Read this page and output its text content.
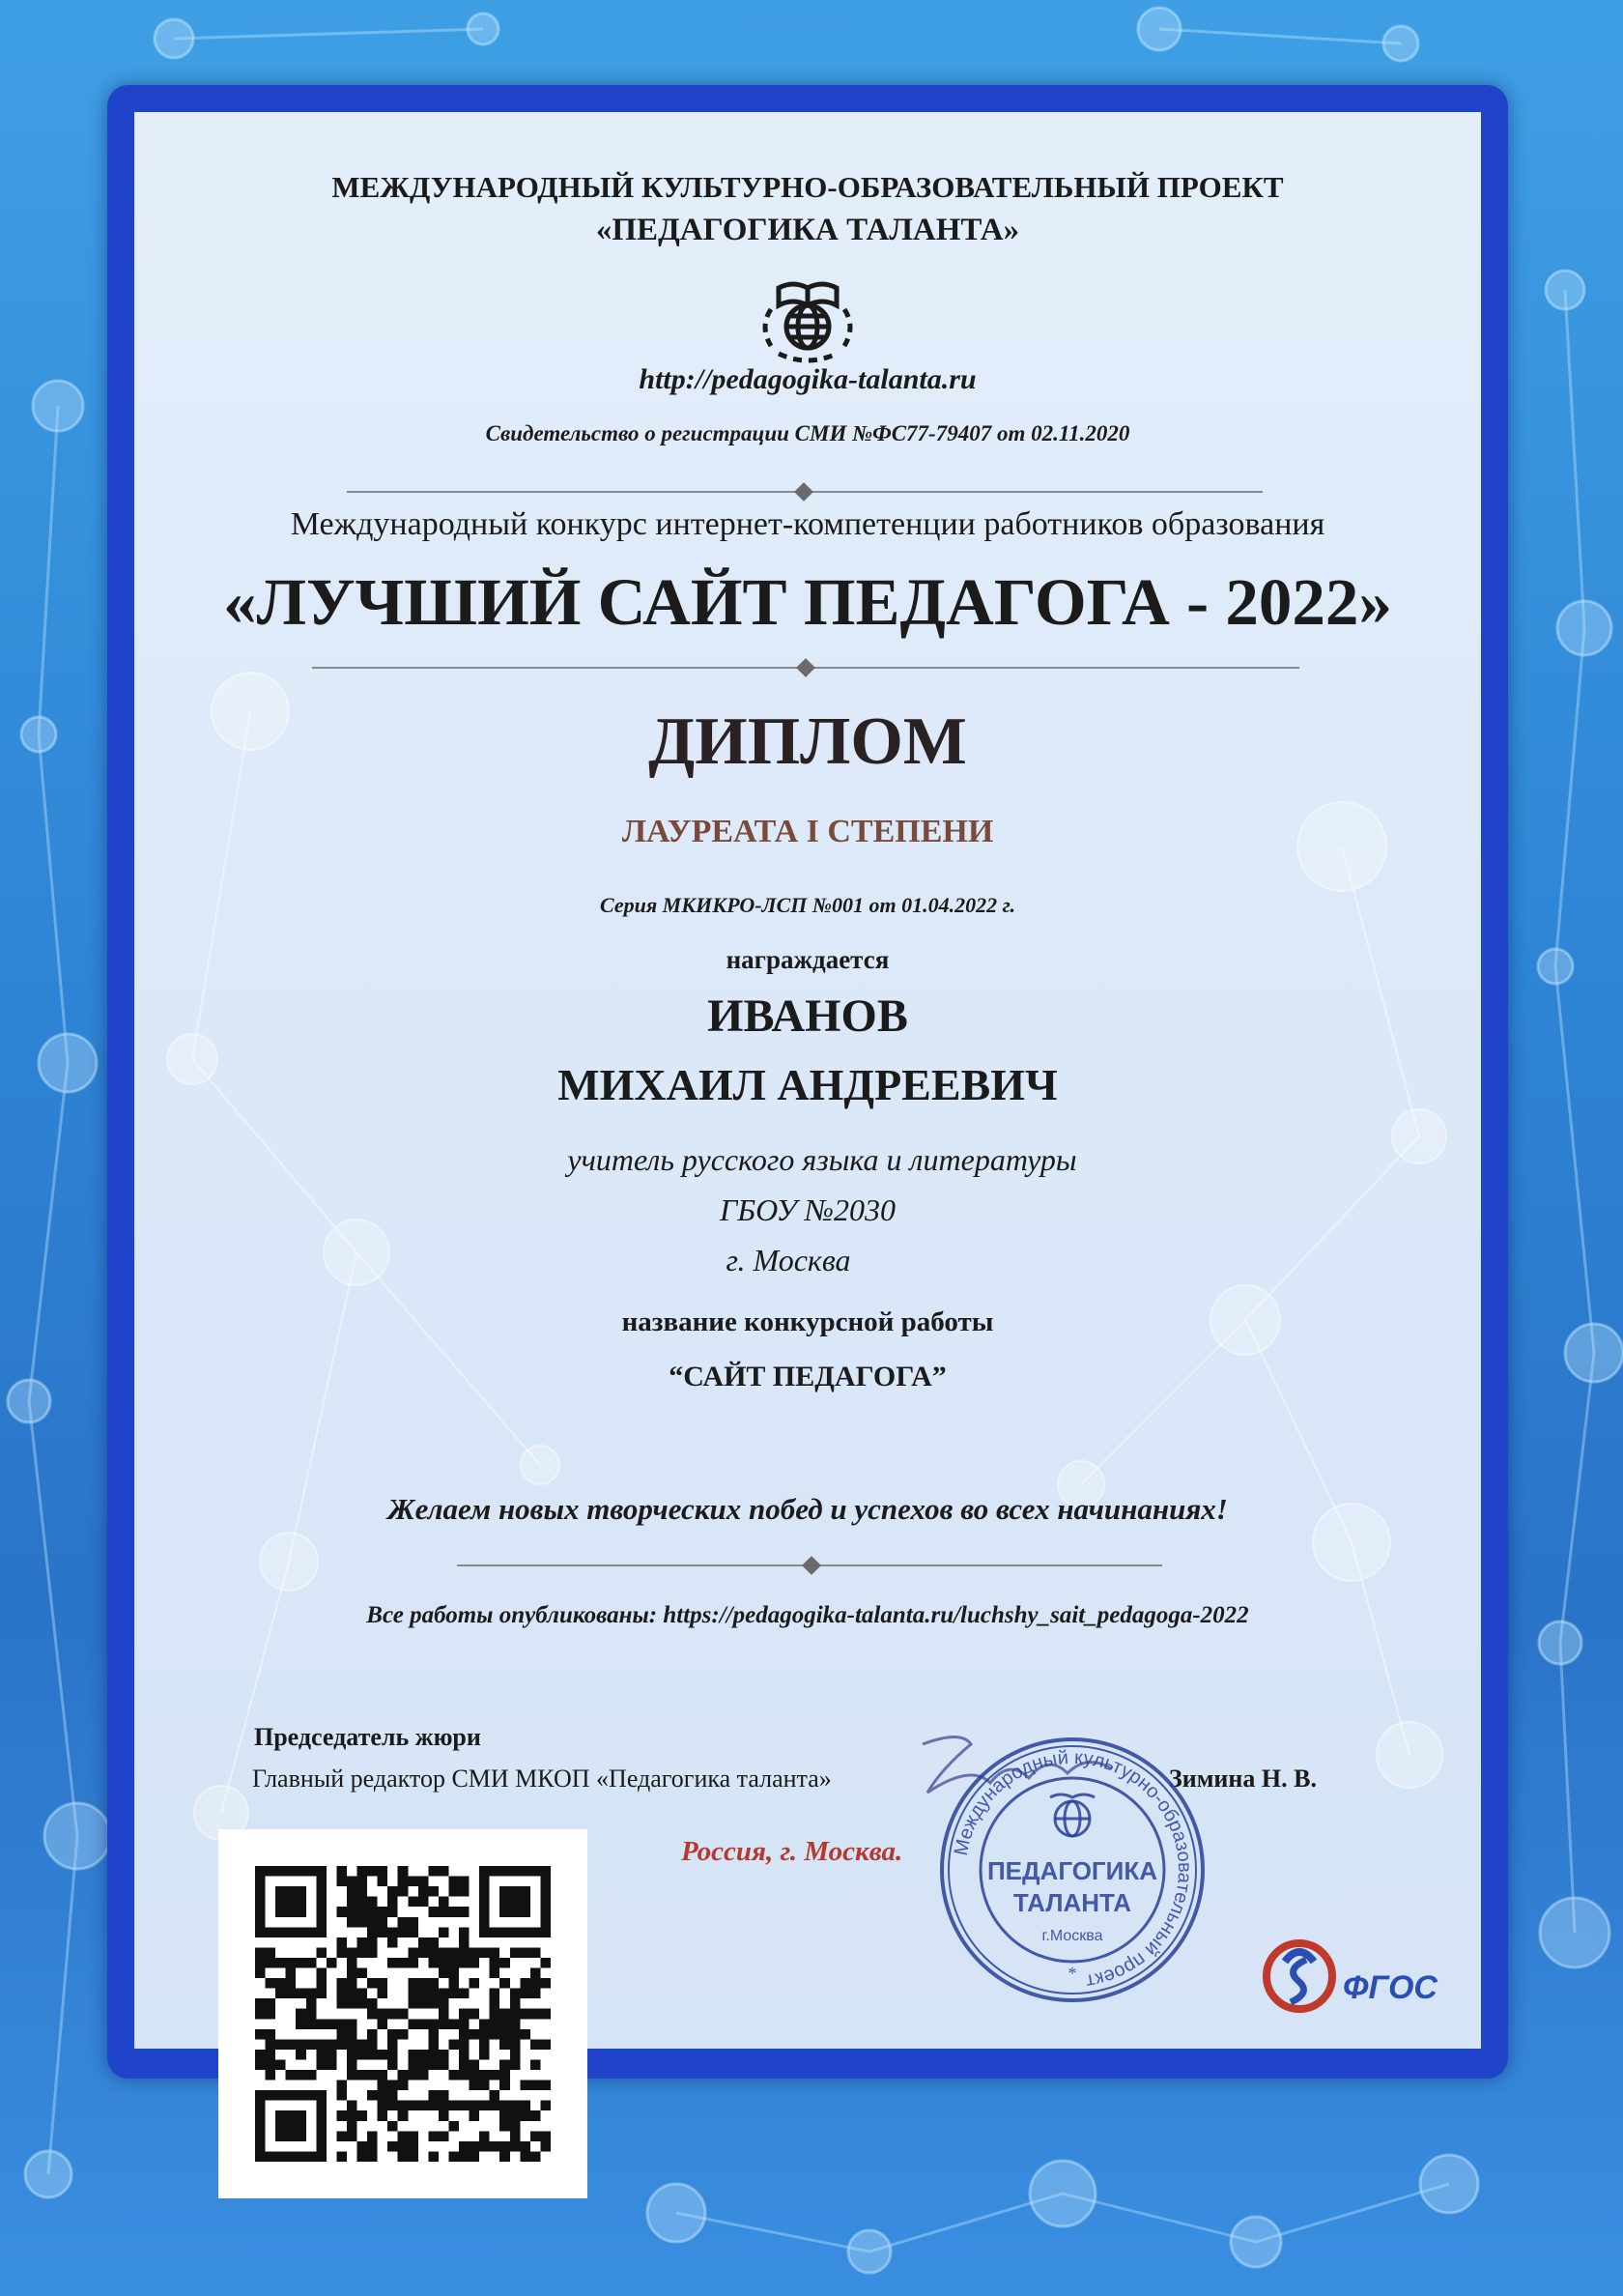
МЕЖДУНАРОДНЫЙ КУЛЬТУРНО-ОБРАЗОВАТЕЛЬНЫЙ ПРОЕКТ

«ПЕДАГОГИКА ТАЛАНТА»

http://pedagogika-talanta.ru

Свидетельство о регистрации СМИ №ФС77-79407 от 02.11.2020

Международный конкурс интернет-компетенции работников образования

«ЛУЧШИЙ САЙТ ПЕДАГОГА - 2022»

ДИПЛОМ

ЛАУРЕАТА I СТЕПЕНИ

Серия МКИКРО-ЛСП №001 от 01.04.2022 г.

награждается

ИВАНОВ

МИХАИЛ АНДРЕЕВИЧ

учитель русского языка и литературы

ГБОУ №2030

г. Москва

название конкурсной работы

“САЙТ ПЕДАГОГА”

Желаем новых творческих побед и успехов во всех начинаниях!

Все работы опубликованы: https://pedagogika-talanta.ru/luchshy_sait_pedagoga-2022

Председатель жюри

Главный редактор СМИ МКОП «Педагогика таланта»	Зимина Н. В.

Россия, г. Москва. Международный культурно-образовательный проект
ПЕДАГОГИКА
ТАЛАНТА
г.Москва
*	ФГОС
